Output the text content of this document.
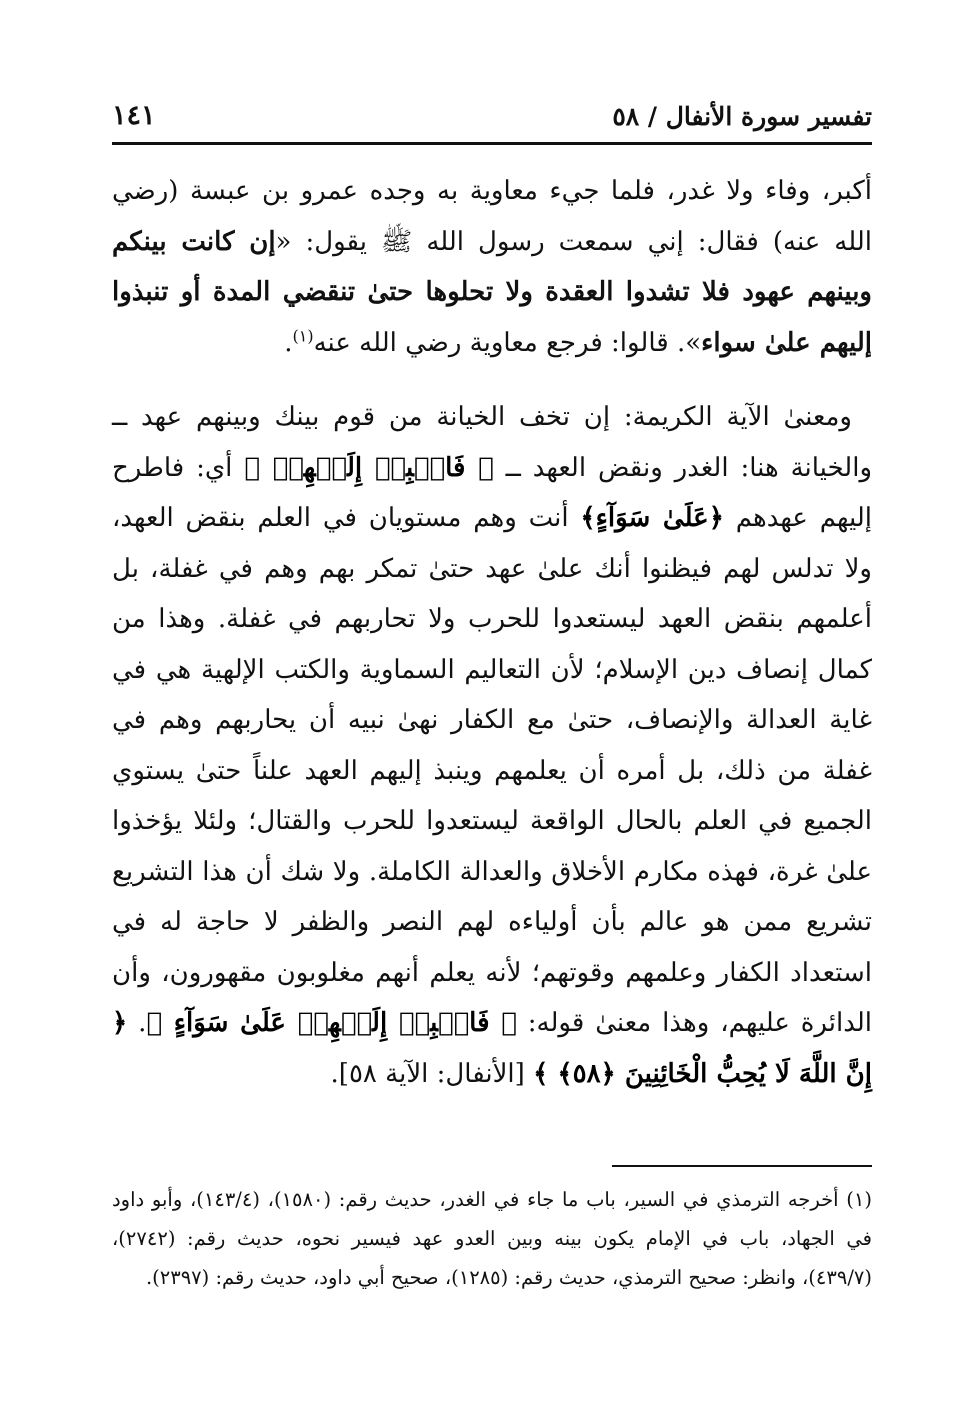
تفسير سورة الأنفال / ٥٨
١٤١

أكبر، وفاء ولا غدر، فلما جيء معاوية به وجده عمرو بن عبسة (رضي الله عنه) فقال: إني سمعت رسول الله ﷺ يقول: «إن كانت بينكم وبينهم عهود فلا تشدوا العقدة ولا تحلوها حتىٰ تنقضي المدة أو تنبذوا إليهم علىٰ سواء». قالوا: فرجع معاوية رضي الله عنه$^{(١)}$.

ومعنىٰ الآية الكريمة: إن تخف الخيانة من قوم بينك وبينهم عهد ــ والخيانة هنا: الغدر ونقض العهد ــ ﴿ فَانۢبِذۡ إِلَيۡهِمۡ ﴾ أي: فاطرح إليهم عهدهم ﴿عَلَىٰ سَوَآءٍ﴾ أنت وهم مستويان في العلم بنقض العهد، ولا تدلس لهم فيظنوا أنك علىٰ عهد حتىٰ تمكر بهم وهم في غفلة، بل أعلمهم بنقض العهد ليستعدوا للحرب ولا تحاربهم في غفلة. وهذا من كمال إنصاف دين الإسلام؛ لأن التعاليم السماوية والكتب الإلهية هي في غاية العدالة والإنصاف، حتىٰ مع الكفار نهىٰ نبيه أن يحاربهم وهم في غفلة من ذلك، بل أمره أن يعلمهم وينبذ إليهم العهد علناً حتىٰ يستوي الجميع في العلم بالحال الواقعة ليستعدوا للحرب والقتال؛ ولئلا يؤخذوا علىٰ غرة، فهذه مكارم الأخلاق والعدالة الكاملة. ولا شك أن هذا التشريع تشريع ممن هو عالم بأن أولياءه لهم النصر والظفر لا حاجة له في استعداد الكفار وعلمهم وقوتهم؛ لأنه يعلم أنهم مغلوبون مقهورون، وأن الدائرة عليهم، وهذا معنىٰ قوله: ﴿ فَانۢبِذۡ إِلَيۡهِمۡ عَلَىٰ سَوَآءٍ ﴾. ﴿ إِنَّ اللَّهَ لَا يُحِبُّ الْخَائِنِينَ ﴿٥٨﴾ ﴾ [الأنفال: الآية ٥٨].

(١) أخرجه الترمذي في السير، باب ما جاء في الغدر، حديث رقم: (١٥٨٠)، (١٤٣/٤)، وأبو داود في الجهاد، باب في الإمام يكون بينه وبين العدو عهد فيسير نحوه، حديث رقم: (٢٧٤٢)، (٤٣٩/٧)، وانظر: صحيح الترمذي، حديث رقم: (١٢٨٥)، صحيح أبي داود، حديث رقم: (٢٣٩٧).
